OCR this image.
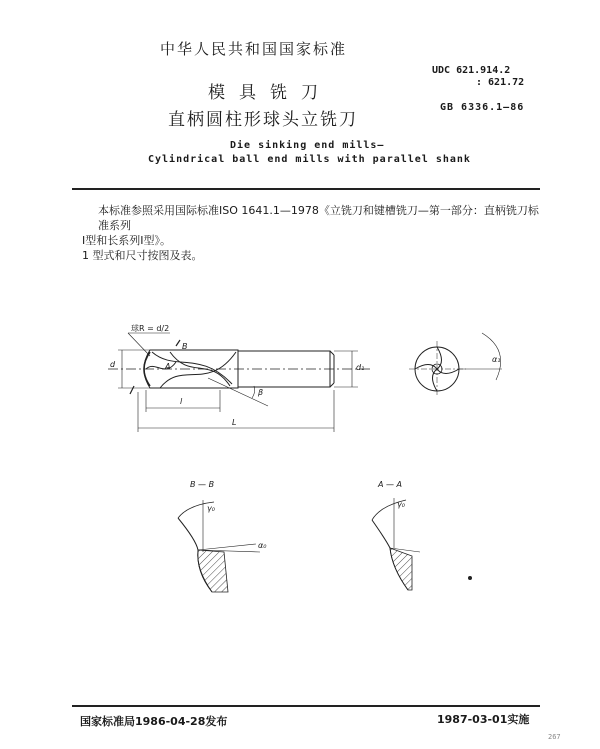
中华人民共和国国家标准
模具铣刀
直柄圆柱形球头立铣刀
UDC 621.914.2
: 621.72
GB 6336.1—86
Die sinking end mills—
Cylindrical ball end mills with parallel shank
本标准参照采用国际标准ISO 1641.1—1978《立铣刀和键槽铣刀—第一部分：直柄铣刀标准系列
Ⅰ型和长系列Ⅰ型》。
1 型式和尺寸按图及表。
球R = d/2
d	d₁
l
L
A
B
β
α₁
B — B	A — A
γ₀
α₀
γ₀
国家标准局1986-04-28发布	1987-03-01实施
267
